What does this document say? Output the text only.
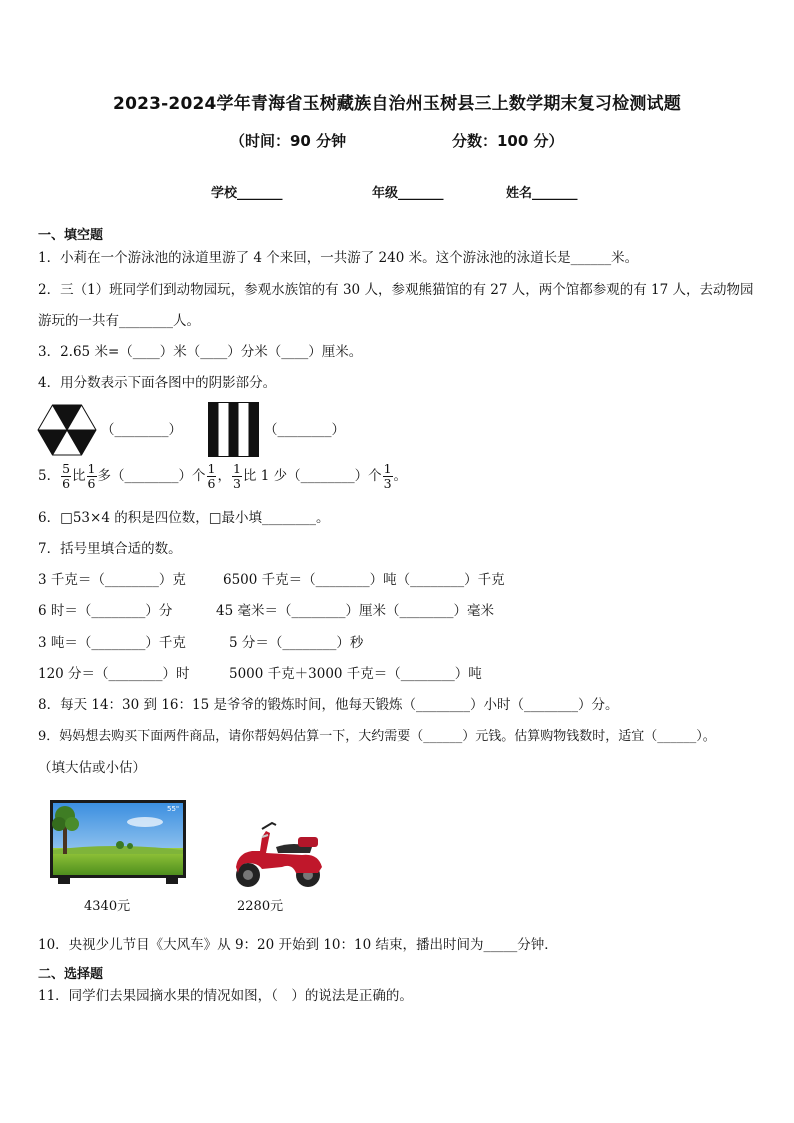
2023-2024学年青海省玉树藏族自治州玉树县三上数学期末复习检测试题
（时间：90 分钟	分数：100 分）
学校_______	年级_______	姓名_______
一、填空题
1．小莉在一个游泳池的泳道里游了 4 个来回，一共游了 240 米。这个游泳池的泳道长是______米。
2．三（1）班同学们到动物园玩，参观水族馆的有 30 人，参观熊猫馆的有 27 人，两个馆都参观的有 17 人，去动物园
游玩的一共有________人。
3．2.65 米=（____）米（____）分米（____）厘米。
4．用分数表示下面各图中的阴影部分。
（________）	（________）
5． $\frac{5}{6}$ 比 $\frac{1}{6}$ 多（________）个 $\frac{1}{6}$ ， $\frac{1}{3}$ 比 1 少（________）个 $\frac{1}{3}$ 。
6．□53×4 的积是四位数，□最小填________。
7．括号里填合适的数。
3 千克＝（________）克	6500 千克＝（________）吨（________）千克
6 时＝（________）分	45 毫米＝（________）厘米（________）毫米
3 吨＝（________）千克	5 分＝（________）秒
120 分＝（________）时	5000 千克＋3000 千克＝（________）吨
8．每天 14：30 到 16：15 是爷爷的锻炼时间，他每天锻炼（________）小时（________）分。
9．妈妈想去购买下面两件商品，请你帮妈妈估算一下，大约需要（______）元钱。估算购物钱数时，适宜（______）。
（填大估或小估）
55"
4340元	2280元
10．央视少儿节目《大风车》从 9：20 开始到 10：10 结束，播出时间为_____分钟．
二、选择题
11．同学们去果园摘水果的情况如图，（　）的说法是正确的。
